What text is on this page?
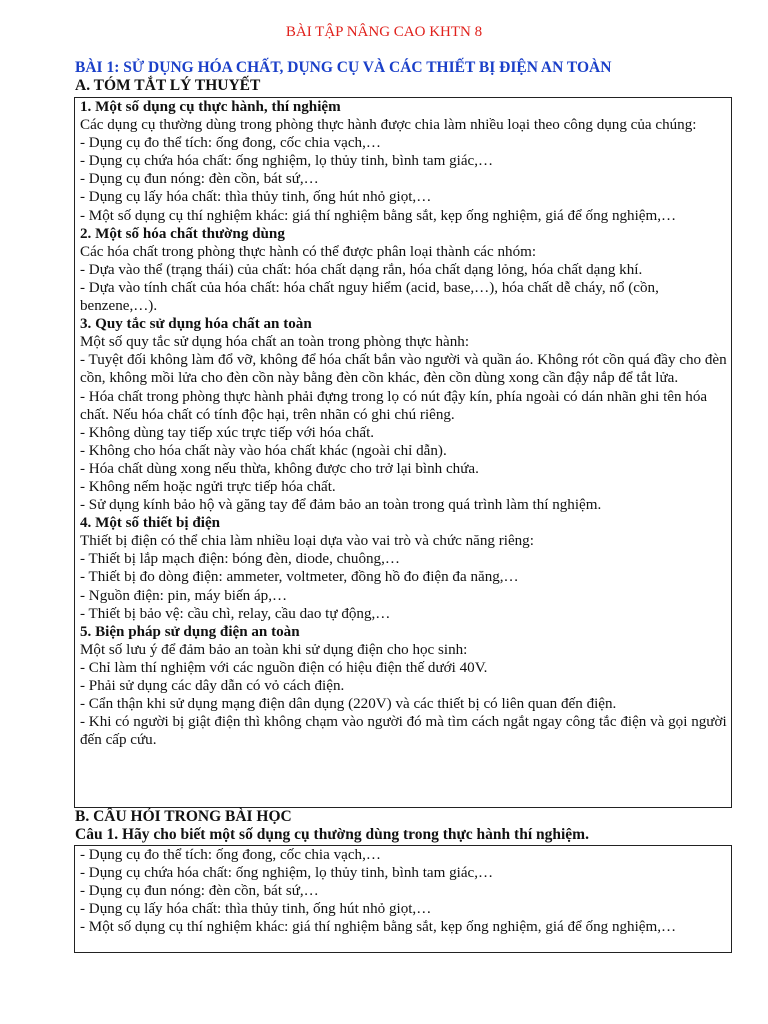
BÀI TẬP NÂNG CAO KHTN 8
BÀI 1: SỬ DỤNG HÓA CHẤT, DỤNG CỤ VÀ CÁC THIẾT BỊ ĐIỆN AN TOÀN
A. TÓM TẮT LÝ THUYẾT
1. Một số dụng cụ thực hành, thí nghiệm
Các dụng cụ thường dùng trong phòng thực hành được chia làm nhiều loại theo công dụng của chúng:
- Dụng cụ đo thể tích: ống đong, cốc chia vạch,…
- Dụng cụ chứa hóa chất: ống nghiệm, lọ thủy tinh, bình tam giác,…
- Dụng cụ đun nóng: đèn cồn, bát sứ,…
- Dụng cụ lấy hóa chất: thìa thủy tinh, ống hút nhỏ giọt,…
- Một số dụng cụ thí nghiệm khác: giá thí nghiệm bằng sắt, kẹp ống nghiệm, giá để ống nghiệm,…
2. Một số hóa chất thường dùng
Các hóa chất trong phòng thực hành có thể được phân loại thành các nhóm:
- Dựa vào thể (trạng thái) của chất: hóa chất dạng rắn, hóa chất dạng lỏng, hóa chất dạng khí.
- Dựa vào tính chất của hóa chất: hóa chất nguy hiểm (acid, base,…), hóa chất dễ cháy, nổ (cồn, benzene,…).
3. Quy tắc sử dụng hóa chất an toàn
Một số quy tắc sử dụng hóa chất an toàn trong phòng thực hành:
- Tuyệt đối không làm đổ vỡ, không để hóa chất bắn vào người và quần áo. Không rót cồn quá đầy cho đèn cồn, không mồi lửa cho đèn cồn này bằng đèn cồn khác, đèn cồn dùng xong cần đậy nắp để tắt lửa.
- Hóa chất trong phòng thực hành phải đựng trong lọ có nút đậy kín, phía ngoài có dán nhãn ghi tên hóa chất. Nếu hóa chất có tính độc hại, trên nhãn có ghi chú riêng.
- Không dùng tay tiếp xúc trực tiếp với hóa chất.
- Không cho hóa chất này vào hóa chất khác (ngoài chỉ dẫn).
- Hóa chất dùng xong nếu thừa, không được cho trở lại bình chứa.
- Không nếm hoặc ngửi trực tiếp hóa chất.
- Sử dụng kính bảo hộ và găng tay để đảm bảo an toàn trong quá trình làm thí nghiệm.
4. Một số thiết bị điện
Thiết bị điện có thể chia làm nhiều loại dựa vào vai trò và chức năng riêng:
- Thiết bị lắp mạch điện: bóng đèn, diode, chuông,…
- Thiết bị đo dòng điện: ammeter, voltmeter, đồng hồ đo điện đa năng,…
- Nguồn điện: pin, máy biến áp,…
- Thiết bị bảo vệ: cầu chì, relay, cầu dao tự động,…
5. Biện pháp sử dụng điện an toàn
Một số lưu ý để đảm bảo an toàn khi sử dụng điện cho học sinh:
- Chỉ làm thí nghiệm với các nguồn điện có hiệu điện thế dưới 40V.
- Phải sử dụng các dây dẫn có vỏ cách điện.
- Cẩn thận khi sử dụng mạng điện dân dụng (220V) và các thiết bị có liên quan đến điện.
- Khi có người bị giật điện thì không chạm vào người đó mà tìm cách ngắt ngay công tắc điện và gọi người đến cấp cứu.
B. CÂU HỎI TRONG BÀI HỌC
Câu 1. Hãy cho biết một số dụng cụ thường dùng trong thực hành thí nghiệm.
- Dụng cụ đo thể tích: ống đong, cốc chia vạch,…
- Dụng cụ chứa hóa chất: ống nghiệm, lọ thủy tinh, bình tam giác,…
- Dụng cụ đun nóng: đèn cồn, bát sứ,…
- Dụng cụ lấy hóa chất: thìa thủy tinh, ống hút nhỏ giọt,…
- Một số dụng cụ thí nghiệm khác: giá thí nghiệm bằng sắt, kẹp ống nghiệm, giá để ống nghiệm,…
